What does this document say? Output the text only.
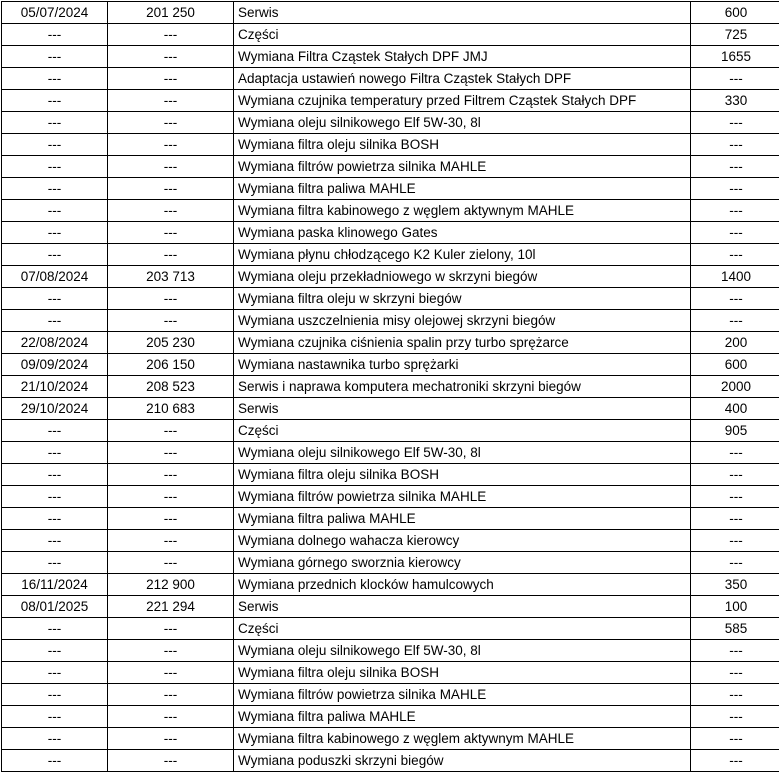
05/07/2024	201 250	Serwis	600
---	---	Części	725
---	---	Wymiana Filtra Cząstek Stałych DPF JMJ	1655
---	---	Adaptacja ustawień nowego Filtra Cząstek Stałych DPF	---
---	---	Wymiana czujnika temperatury przed Filtrem Cząstek Stałych DPF	330
---	---	Wymiana oleju silnikowego Elf 5W-30, 8l	---
---	---	Wymiana filtra oleju silnika BOSH	---
---	---	Wymiana filtrów powietrza silnika MAHLE	---
---	---	Wymiana filtra paliwa MAHLE	---
---	---	Wymiana filtra kabinowego z węglem aktywnym MAHLE	---
---	---	Wymiana paska klinowego Gates	---
---	---	Wymiana płynu chłodzącego K2 Kuler zielony, 10l	---
07/08/2024	203 713	Wymiana oleju przekładniowego w skrzyni biegów	1400
---	---	Wymiana filtra oleju w skrzyni biegów	---
---	---	Wymiana uszczelnienia misy olejowej skrzyni biegów	---
22/08/2024	205 230	Wymiana czujnika ciśnienia spalin przy turbo sprężarce	200
09/09/2024	206 150	Wymiana nastawnika turbo sprężarki	600
21/10/2024	208 523	Serwis i naprawa komputera mechatroniki skrzyni biegów	2000
29/10/2024	210 683	Serwis	400
---	---	Części	905
---	---	Wymiana oleju silnikowego Elf 5W-30, 8l	---
---	---	Wymiana filtra oleju silnika BOSH	---
---	---	Wymiana filtrów powietrza silnika MAHLE	---
---	---	Wymiana filtra paliwa MAHLE	---
---	---	Wymiana dolnego wahacza kierowcy	---
---	---	Wymiana górnego sworznia kierowcy	---
16/11/2024	212 900	Wymiana przednich klocków hamulcowych	350
08/01/2025	221 294	Serwis	100
---	---	Części	585
---	---	Wymiana oleju silnikowego Elf 5W-30, 8l	---
---	---	Wymiana filtra oleju silnika BOSH	---
---	---	Wymiana filtrów powietrza silnika MAHLE	---
---	---	Wymiana filtra paliwa MAHLE	---
---	---	Wymiana filtra kabinowego z węglem aktywnym MAHLE	---
---	---	Wymiana poduszki skrzyni biegów	---
